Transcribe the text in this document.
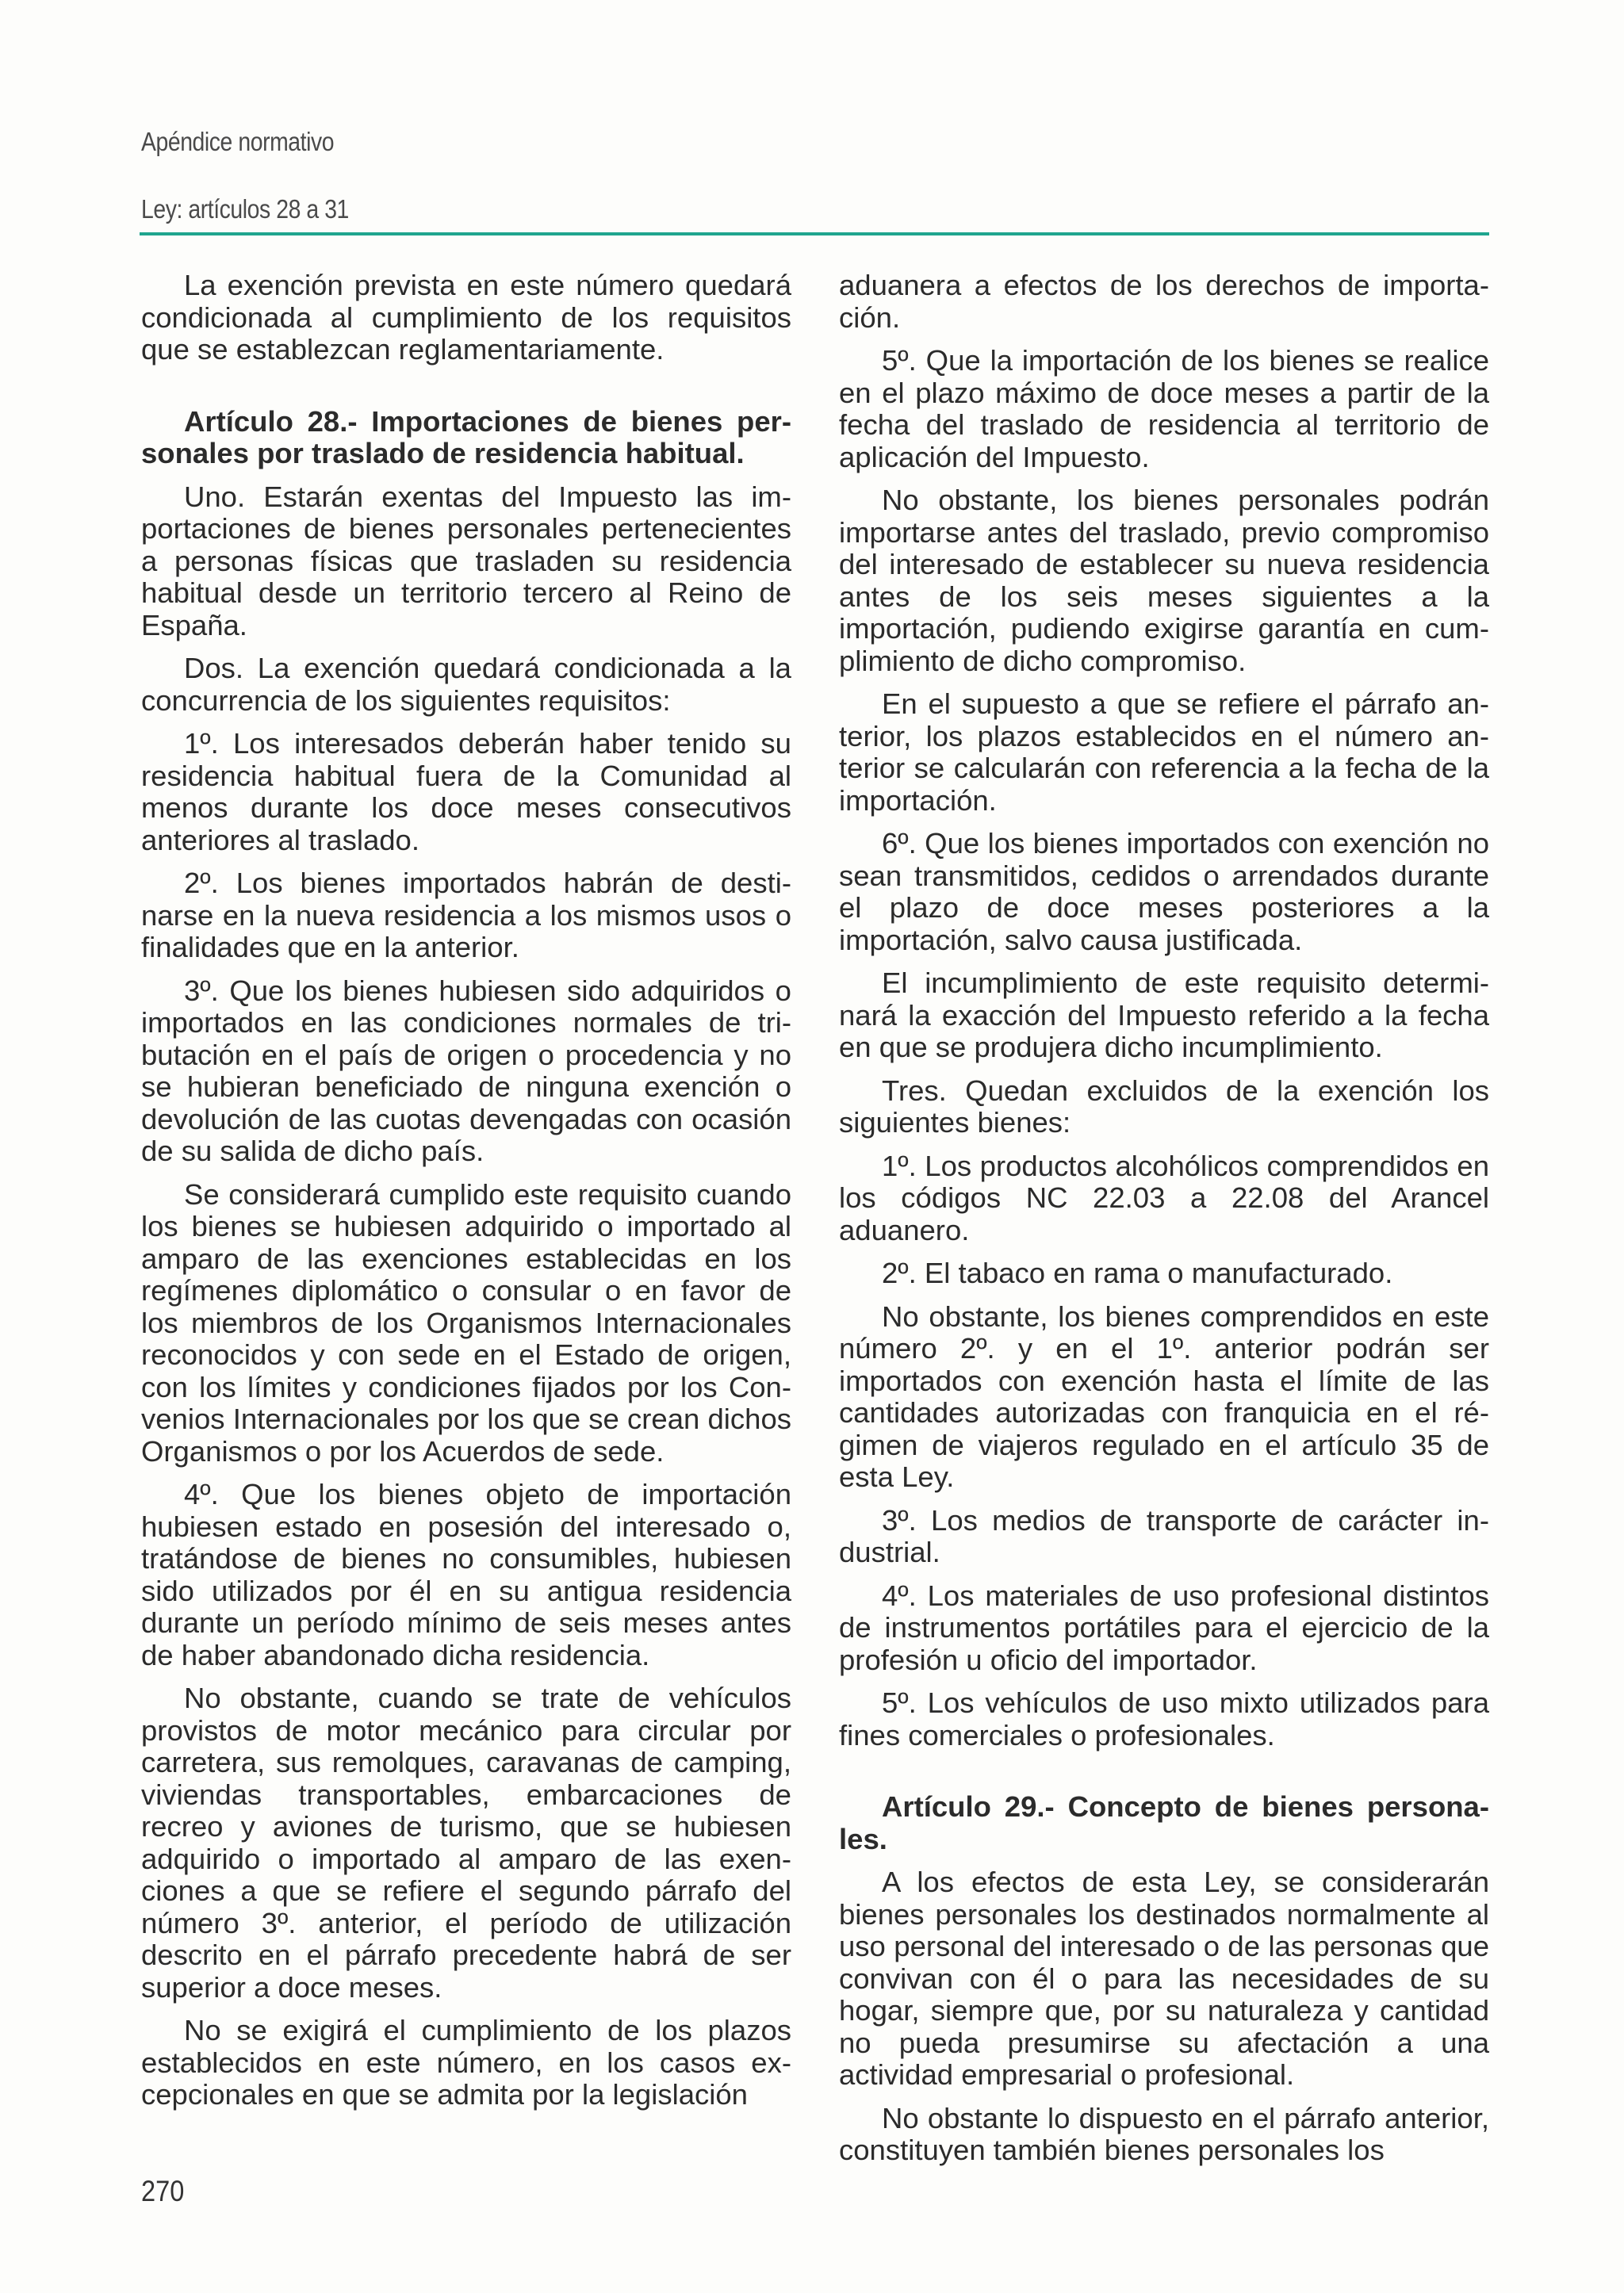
Apéndice normativo
Ley: artículos 28 a 31

La exención prevista en este número quedará condicionada al cumplimiento de los requisitos que se establezcan reglamentariamente.

Artículo 28.- Importaciones de bienes personales por traslado de residencia habitual.

Uno. Estarán exentas del Impuesto las importaciones de bienes personales pertenecientes a personas físicas que trasladen su residencia habitual desde un territorio tercero al Reino de España.

Dos. La exención quedará condicionada a la concurrencia de los siguientes requisitos:

1º. Los interesados deberán haber tenido su residencia habitual fuera de la Comunidad al menos durante los doce meses consecutivos anteriores al traslado.

2º. Los bienes importados habrán de destinarse en la nueva residencia a los mismos usos o finalidades que en la anterior.

3º. Que los bienes hubiesen sido adquiridos o importados en las condiciones normales de tributación en el país de origen o procedencia y no se hubieran beneficiado de ninguna exención o devolución de las cuotas devengadas con ocasión de su salida de dicho país.

Se considerará cumplido este requisito cuando los bienes se hubiesen adquirido o importado al amparo de las exenciones establecidas en los regímenes diplomático o consular o en favor de los miembros de los Organismos Internacionales reconocidos y con sede en el Estado de origen, con los límites y condiciones fijados por los Convenios Internacionales por los que se crean dichos Organismos o por los Acuerdos de sede.

4º. Que los bienes objeto de importación hubiesen estado en posesión del interesado o, tratándose de bienes no consumibles, hubiesen sido utilizados por él en su antigua residencia durante un período mínimo de seis meses antes de haber abandonado dicha residencia.

No obstante, cuando se trate de vehículos provistos de motor mecánico para circular por carretera, sus remolques, caravanas de camping, viviendas transportables, embarcaciones de recreo y aviones de turismo, que se hubiesen adquirido o importado al amparo de las exenciones a que se refiere el segundo párrafo del número 3º. anterior, el período de utilización descrito en el párrafo precedente habrá de ser superior a doce meses.

No se exigirá el cumplimiento de los plazos establecidos en este número, en los casos excepcionales en que se admita por la legislación

aduanera a efectos de los derechos de importación.

5º. Que la importación de los bienes se realice en el plazo máximo de doce meses a partir de la fecha del traslado de residencia al territorio de aplicación del Impuesto.

No obstante, los bienes personales podrán importarse antes del traslado, previo compromiso del interesado de establecer su nueva residencia antes de los seis meses siguientes a la importación, pudiendo exigirse garantía en cumplimiento de dicho compromiso.

En el supuesto a que se refiere el párrafo anterior, los plazos establecidos en el número anterior se calcularán con referencia a la fecha de la importación.

6º. Que los bienes importados con exención no sean transmitidos, cedidos o arrendados durante el plazo de doce meses posteriores a la importación, salvo causa justificada.

El incumplimiento de este requisito determinará la exacción del Impuesto referido a la fecha en que se produjera dicho incumplimiento.

Tres. Quedan excluidos de la exención los siguientes bienes:

1º. Los productos alcohólicos comprendidos en los códigos NC 22.03 a 22.08 del Arancel aduanero.

2º. El tabaco en rama o manufacturado.

No obstante, los bienes comprendidos en este número 2º. y en el 1º. anterior podrán ser importados con exención hasta el límite de las cantidades autorizadas con franquicia en el régimen de viajeros regulado en el artículo 35 de esta Ley.

3º. Los medios de transporte de carácter industrial.

4º. Los materiales de uso profesional distintos de instrumentos portátiles para el ejercicio de la profesión u oficio del importador.

5º. Los vehículos de uso mixto utilizados para fines comerciales o profesionales.

Artículo 29.- Concepto de bienes personales.

A los efectos de esta Ley, se considerarán bienes personales los destinados normalmente al uso personal del interesado o de las personas que convivan con él o para las necesidades de su hogar, siempre que, por su naturaleza y cantidad no pueda presumirse su afectación a una actividad empresarial o profesional.

No obstante lo dispuesto en el párrafo anterior, constituyen también bienes personales los

270
